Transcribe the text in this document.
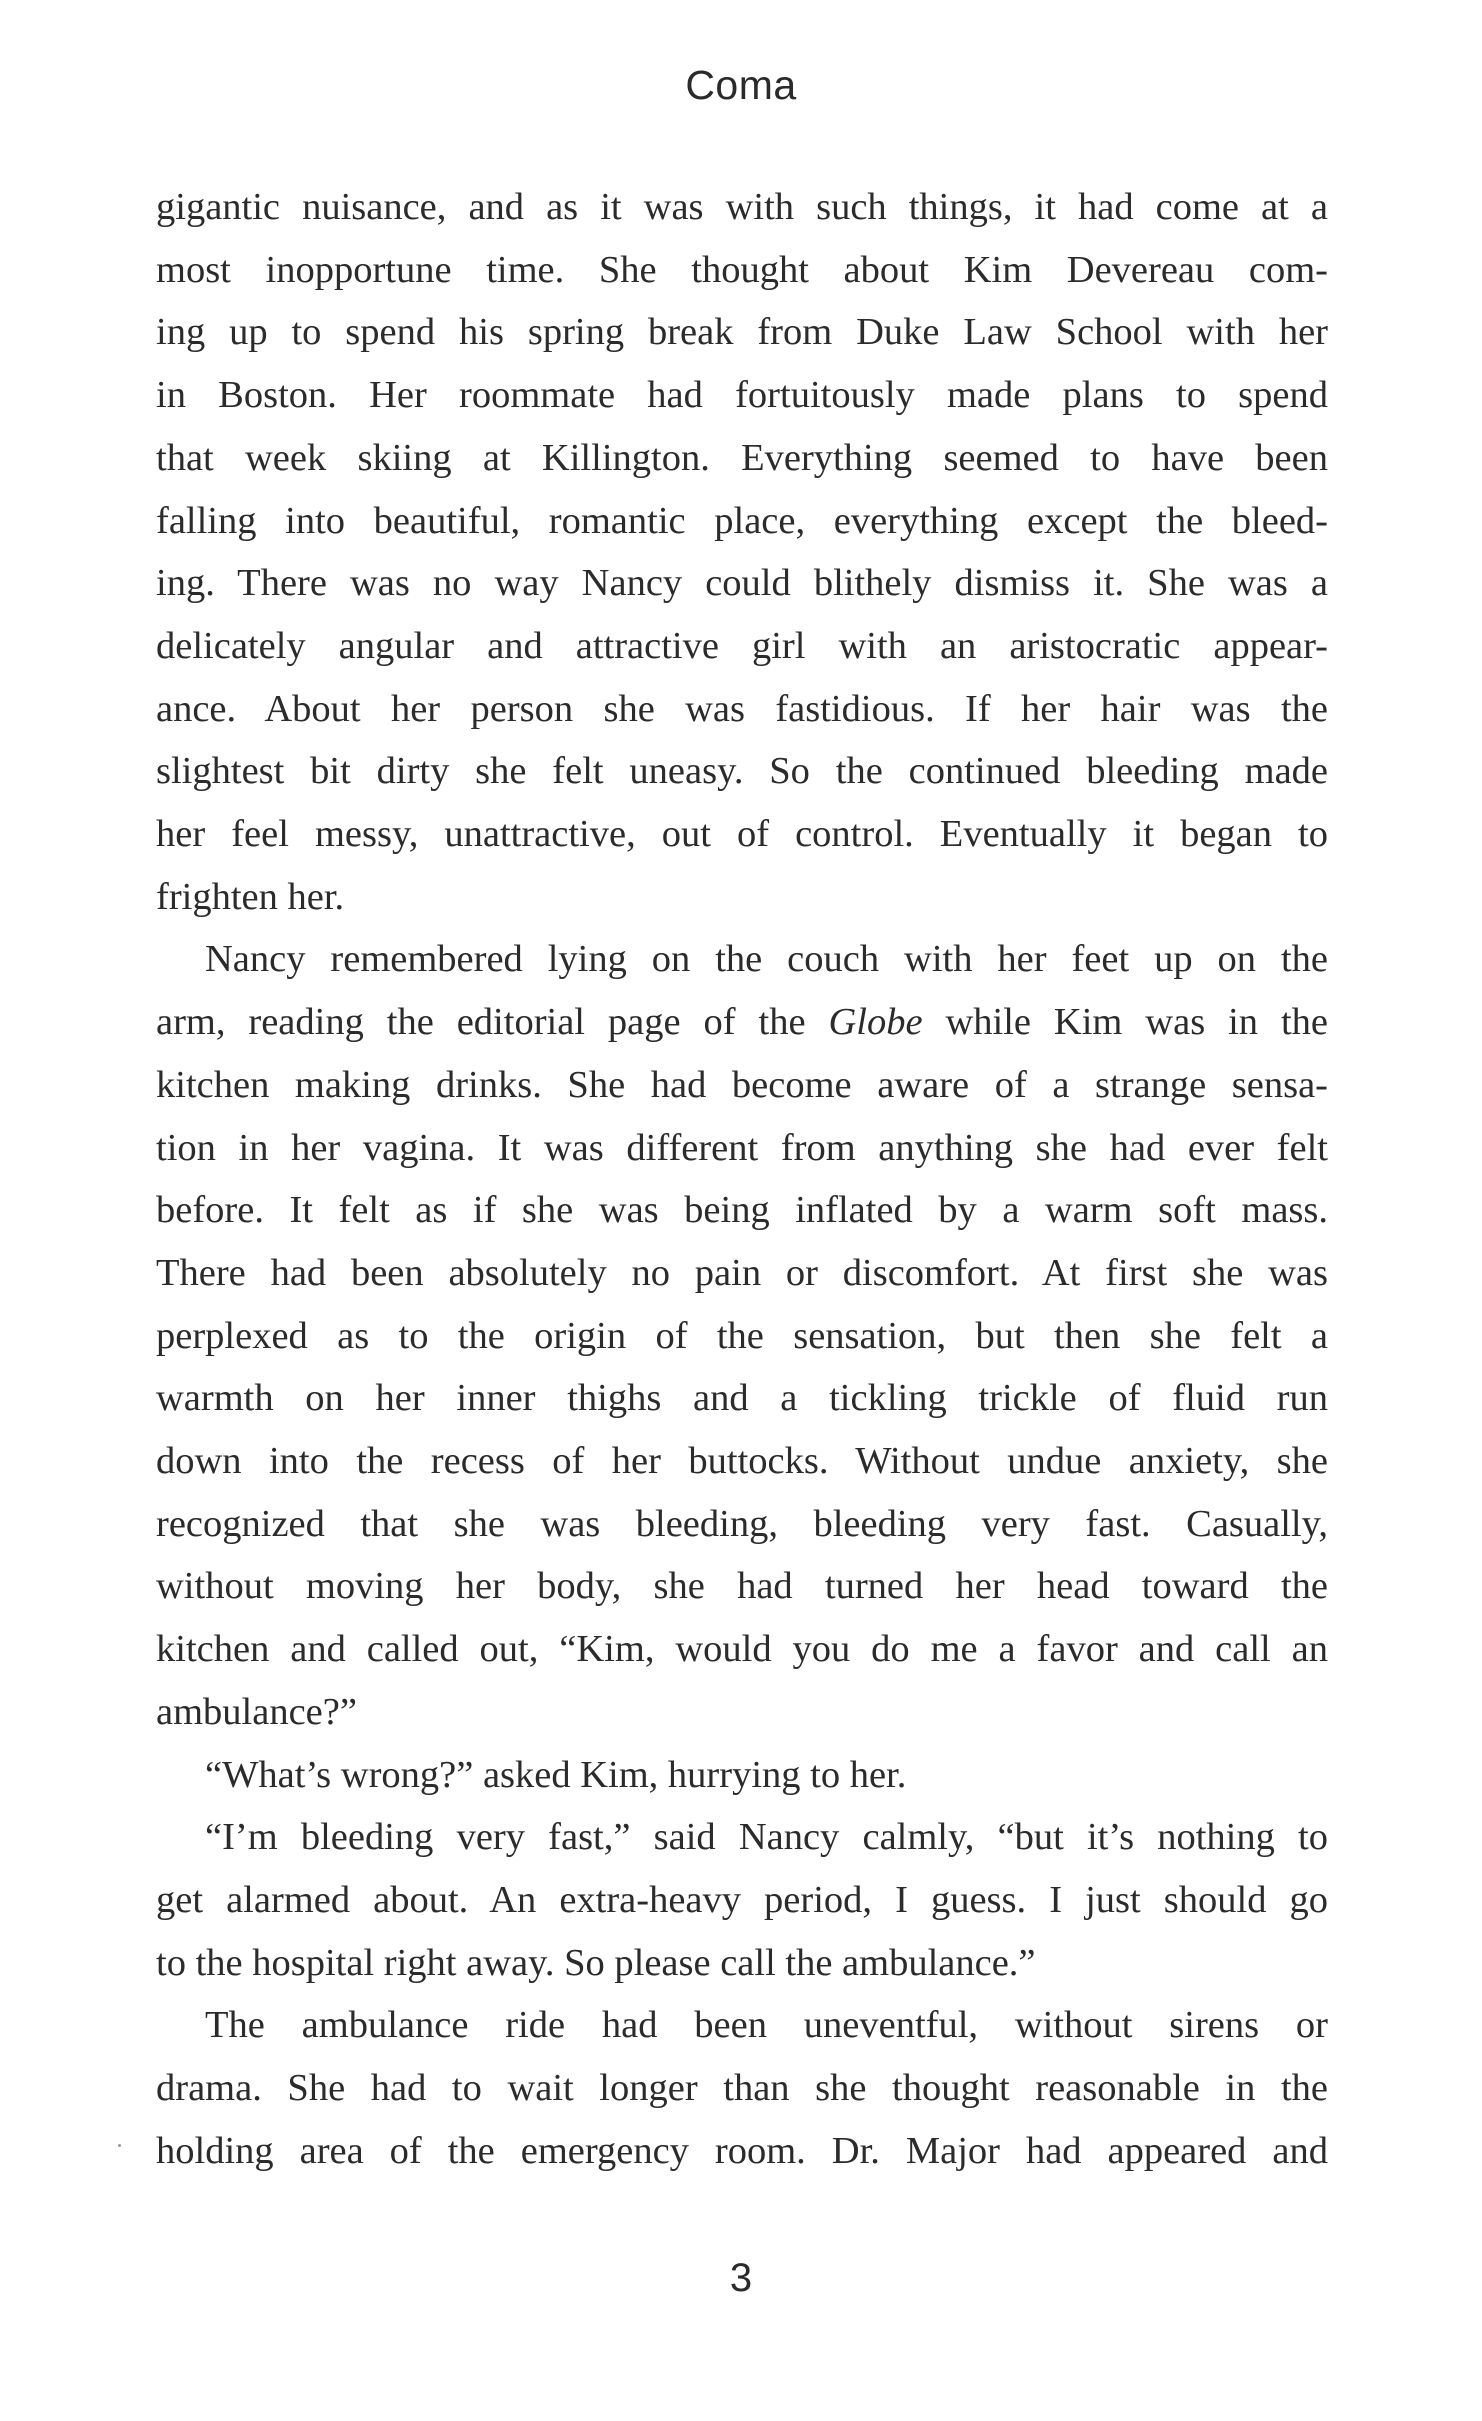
Coma
gigantic nuisance, and as it was with such things, it had come at a
most inopportune time. She thought about Kim Devereau com-
ing up to spend his spring break from Duke Law School with her
in Boston. Her roommate had fortuitously made plans to spend
that week skiing at Killington. Everything seemed to have been
falling into beautiful, romantic place, everything except the bleed-
ing. There was no way Nancy could blithely dismiss it. She was a
delicately angular and attractive girl with an aristocratic appear-
ance. About her person she was fastidious. If her hair was the
slightest bit dirty she felt uneasy. So the continued bleeding made
her feel messy, unattractive, out of control. Eventually it began to
frighten her.
Nancy remembered lying on the couch with her feet up on the
arm, reading the editorial page of the Globe while Kim was in the
kitchen making drinks. She had become aware of a strange sensa-
tion in her vagina. It was different from anything she had ever felt
before. It felt as if she was being inflated by a warm soft mass.
There had been absolutely no pain or discomfort. At first she was
perplexed as to the origin of the sensation, but then she felt a
warmth on her inner thighs and a tickling trickle of fluid run
down into the recess of her buttocks. Without undue anxiety, she
recognized that she was bleeding, bleeding very fast. Casually,
without moving her body, she had turned her head toward the
kitchen and called out, “Kim, would you do me a favor and call an
ambulance?”
“What’s wrong?” asked Kim, hurrying to her.
“I’m bleeding very fast,” said Nancy calmly, “but it’s nothing to
get alarmed about. An extra-heavy period, I guess. I just should go
to the hospital right away. So please call the ambulance.”
The ambulance ride had been uneventful, without sirens or
drama. She had to wait longer than she thought reasonable in the
holding area of the emergency room. Dr. Major had appeared and
3
